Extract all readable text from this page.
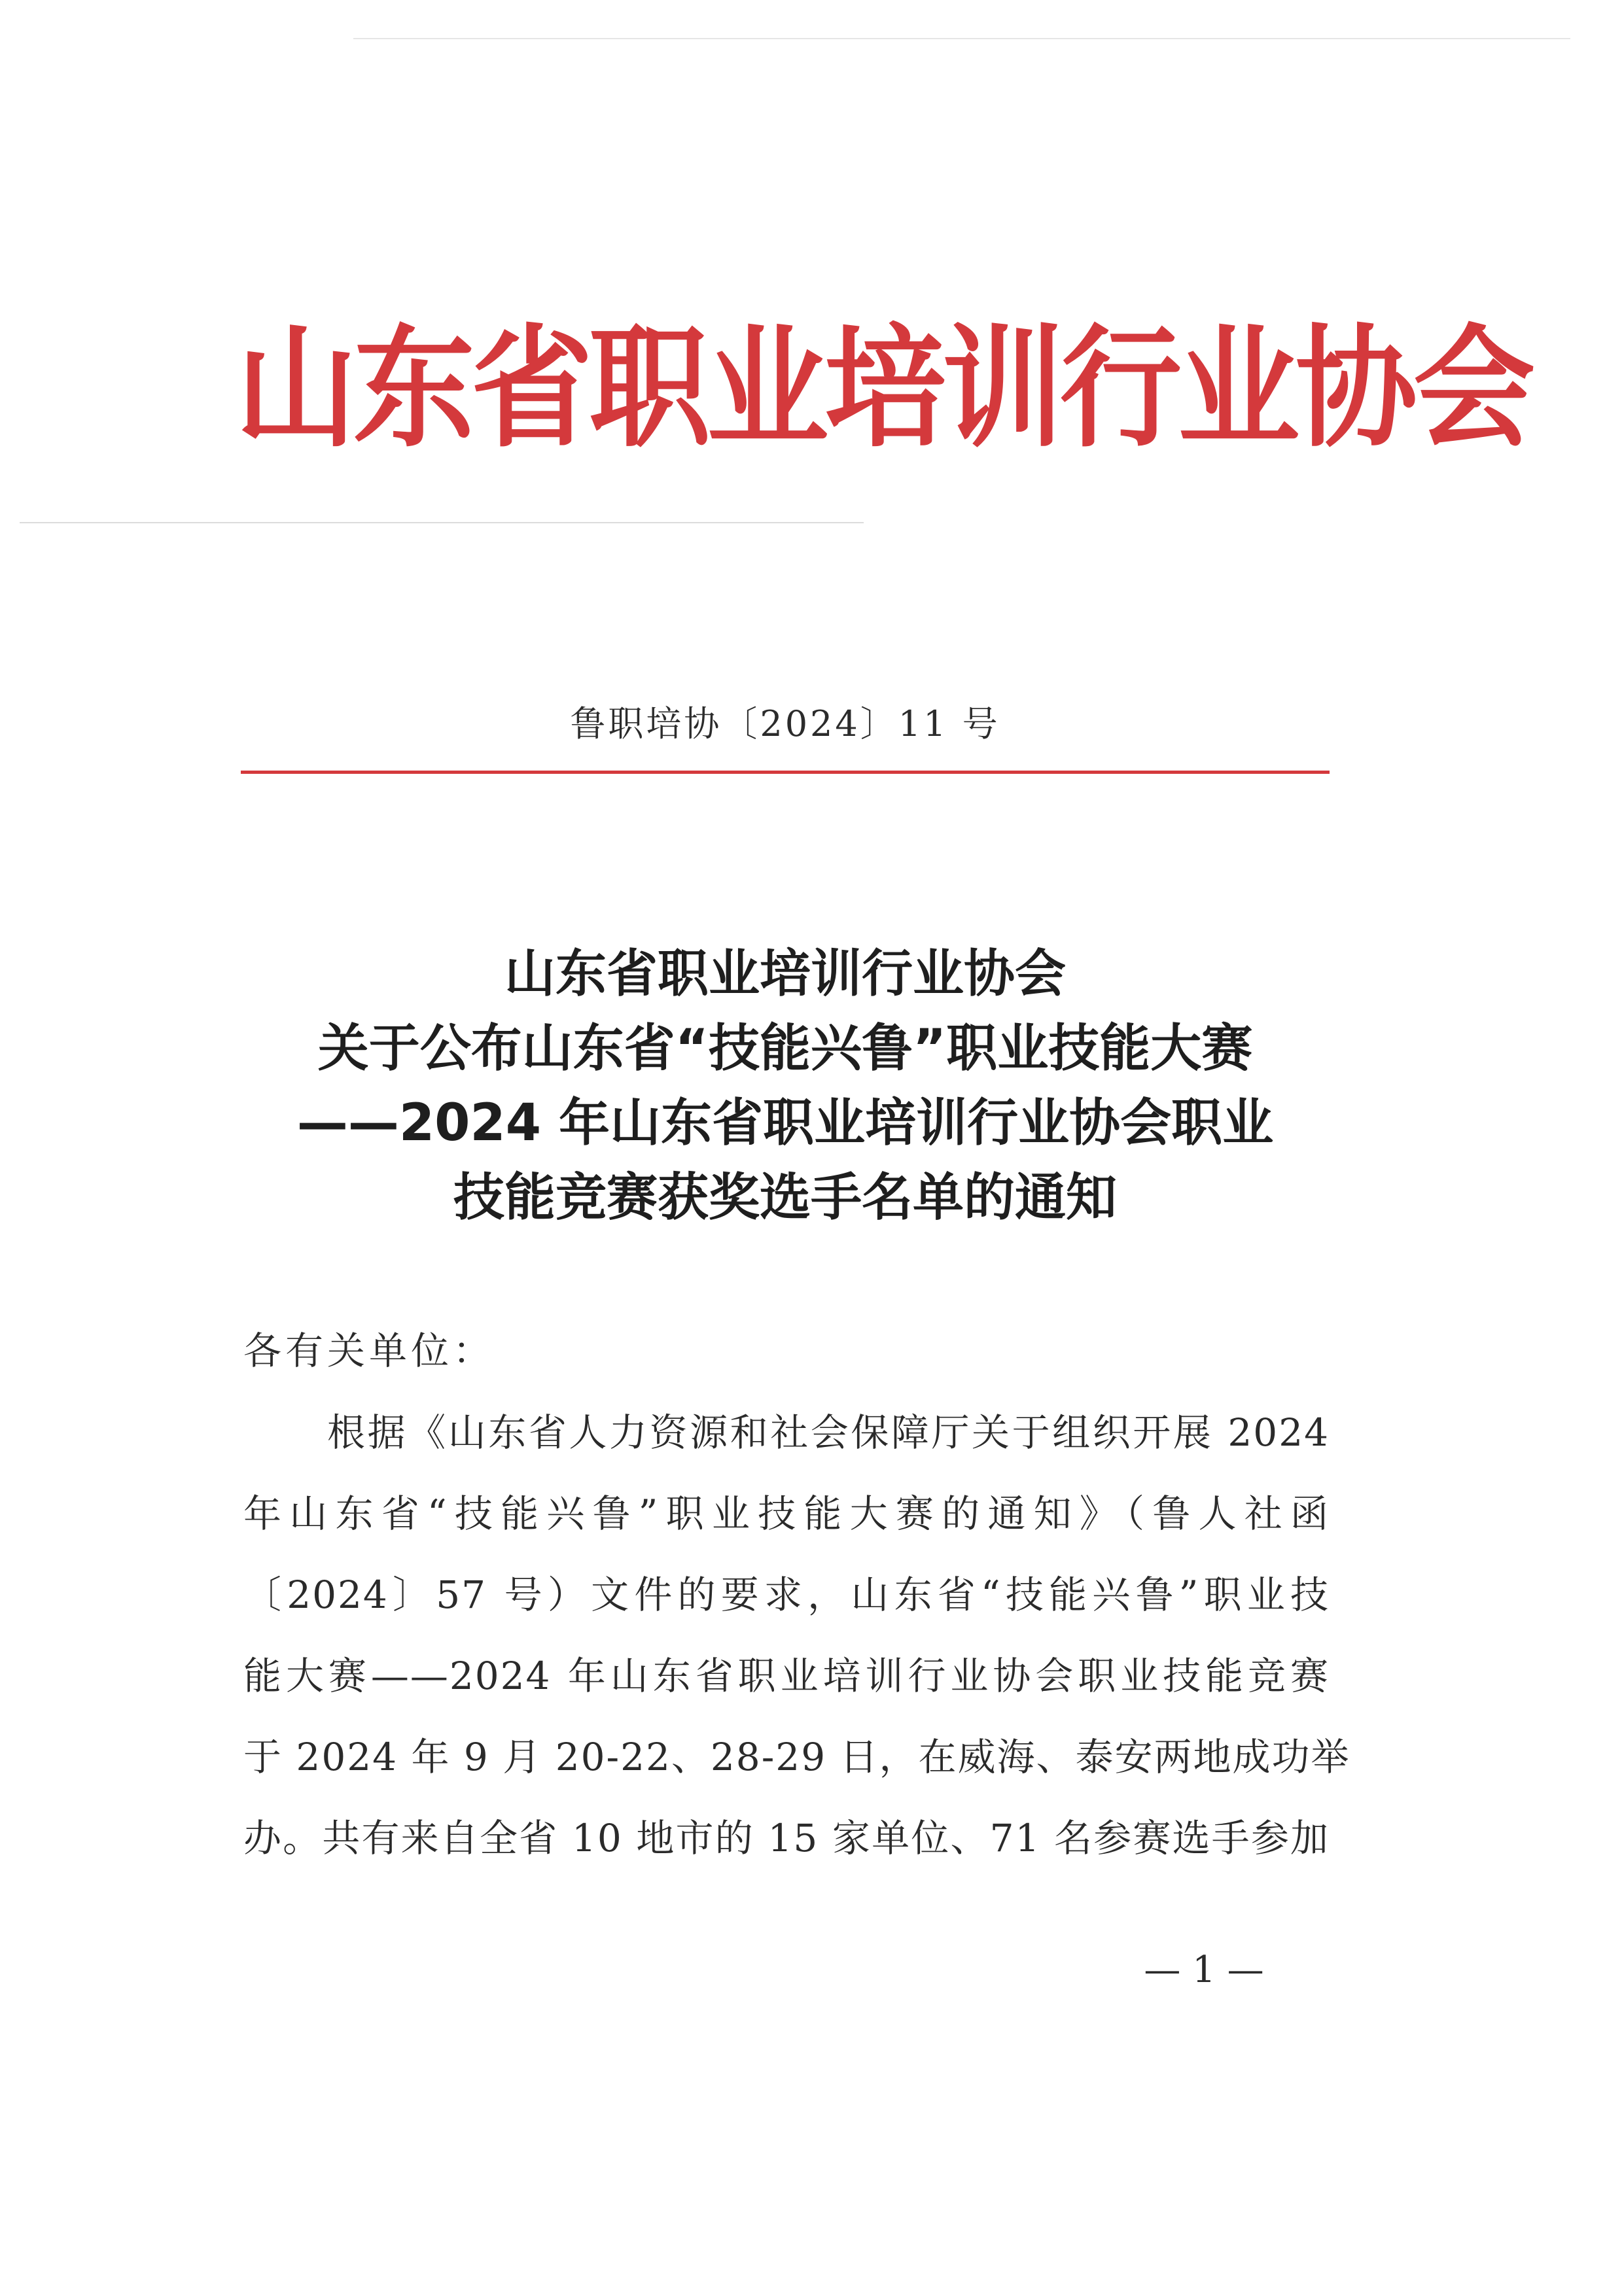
山东省职业培训行业协会
鲁职培协〔2024〕11 号
山东省职业培训行业协会
关于公布山东省“技能兴鲁”职业技能大赛
——2024 年山东省职业培训行业协会职业
技能竞赛获奖选手名单的通知
各有关单位：
根据《山东省人力资源和社会保障厅关于组织开展 2024
年山东省“技能兴鲁”职业技能大赛的通知》（鲁人社函
〔2024〕57 号）文件的要求，山东省“技能兴鲁”职业技
能大赛——2024 年山东省职业培训行业协会职业技能竞赛
于 2024 年 9 月 20-22、28-29 日，在威海、泰安两地成功举
办。共有来自全省 10 地市的 15 家单位、71 名参赛选手参加
— 1 —
